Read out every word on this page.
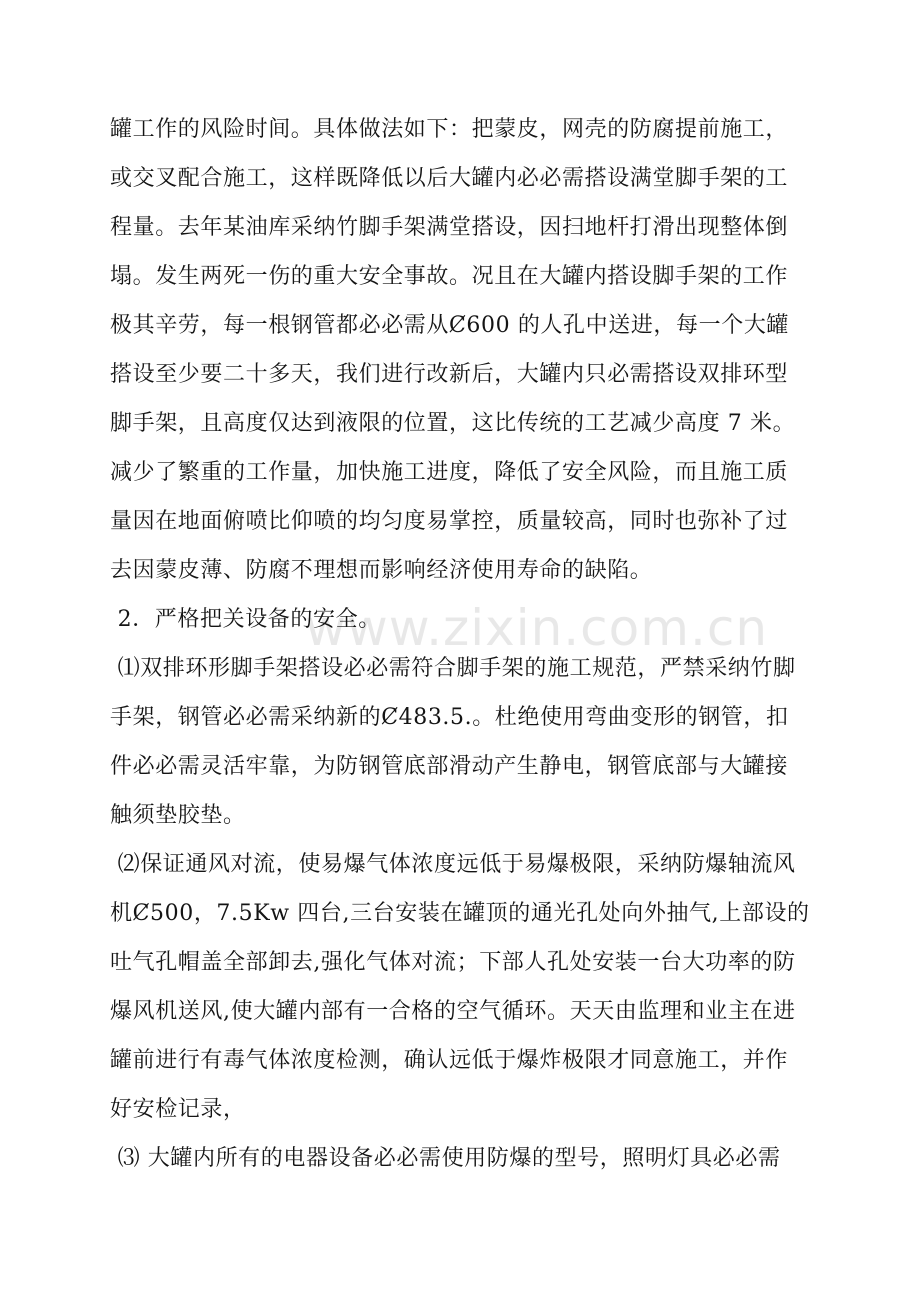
www.zixin.com.cn
罐工作的风险时间。具体做法如下：把蒙皮，网壳的防腐提前施工，
或交叉配合施工，这样既降低以后大罐内必必需搭设满堂脚手架的工
程量。去年某油库采纳竹脚手架满堂搭设，因扫地杆打滑出现整体倒
塌。发生两死一伤的重大安全事故。况且在大罐内搭设脚手架的工作
极其辛劳，每一根钢管都必必需从Ȼ600 的人孔中送进，每一个大罐
搭设至少要二十多天，我们进行改新后，大罐内只必需搭设双排环型
脚手架，且高度仅达到液限的位置，这比传统的工艺减少高度 7 米。
减少了繁重的工作量，加快施工进度，降低了安全风险，而且施工质
量因在地面俯喷比仰喷的均匀度易掌控，质量较高，同时也弥补了过
去因蒙皮薄、防腐不理想而影响经济使用寿命的缺陷。
2．严格把关设备的安全。
⑴双排环形脚手架搭设必必需符合脚手架的施工规范，严禁采纳竹脚
手架，钢管必必需采纳新的Ȼ483.5.。杜绝使用弯曲变形的钢管，扣
件必必需灵活牢靠，为防钢管底部滑动产生静电，钢管底部与大罐接
触须垫胶垫。
⑵保证通风对流，使易爆气体浓度远低于易爆极限，采纳防爆轴流风
机Ȼ500，7.5Kw 四台,三台安装在罐顶的通光孔处向外抽气,上部设的
吐气孔帽盖全部卸去,强化气体对流；下部人孔处安装一台大功率的防
爆风机送风,使大罐内部有一合格的空气循环。天天由监理和业主在进
罐前进行有毒气体浓度检测，确认远低于爆炸极限才同意施工，并作
好安检记录，
⑶ 大罐内所有的电器设备必必需使用防爆的型号，照明灯具必必需
